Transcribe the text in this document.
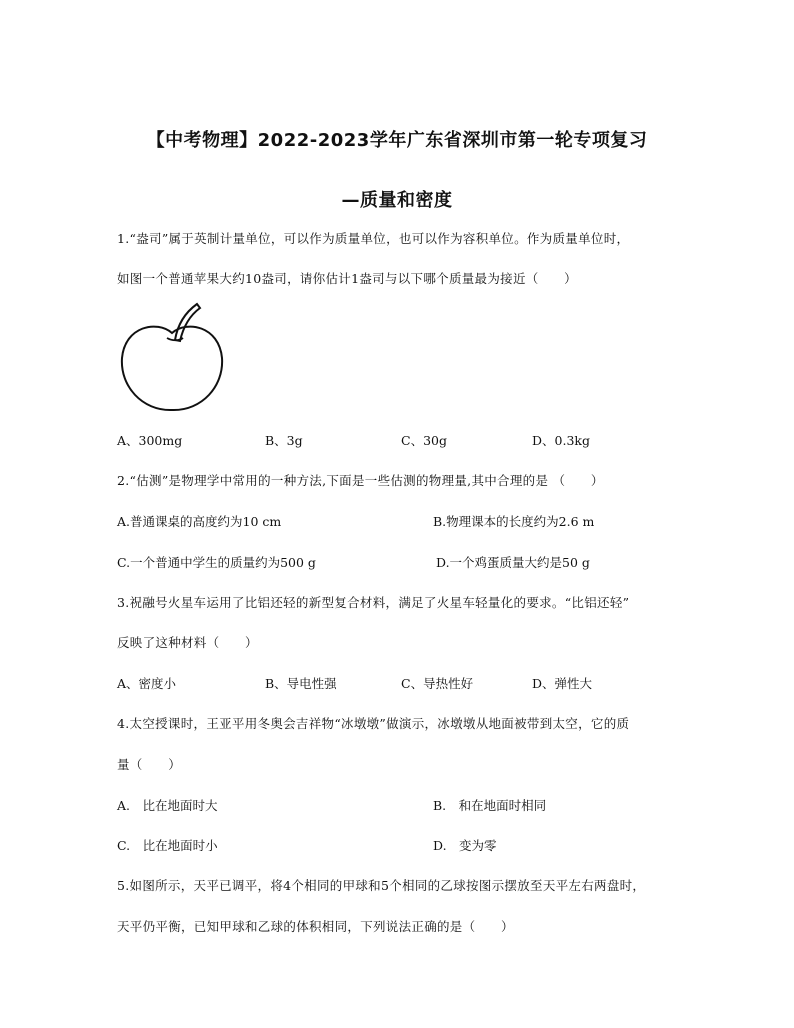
【中考物理】2022-2023学年广东省深圳市第一轮专项复习
—质量和密度
1.“盎司”属于英制计量单位，可以作为质量单位，也可以作为容积单位。作为质量单位时，
如图一个普通苹果大约10盎司，请你估计1盎司与以下哪个质量最为接近（　　）
A、300mg	B、3g	C、30g	D、0.3kg
2.“估测”是物理学中常用的一种方法,下面是一些估测的物理量,其中合理的是 （　　）
A.普通课桌的高度约为10 cm	B.物理课本的长度约为2.6 m
C.一个普通中学生的质量约为500 g	D.一个鸡蛋质量大约是50 g
3.祝融号火星车运用了比铝还轻的新型复合材料，满足了火星车轻量化的要求。“比铝还轻”
反映了这种材料（　　）
A、密度小	B、导电性强	C、导热性好	D、弹性大
4.太空授课时，王亚平用冬奥会吉祥物“冰墩墩”做演示，冰墩墩从地面被带到太空，它的质
量（　　）
A.　比在地面时大	B.　和在地面时相同
C.　比在地面时小	D.　变为零
5.如图所示，天平已调平，将4个相同的甲球和5个相同的乙球按图示摆放至天平左右两盘时，
天平仍平衡，已知甲球和乙球的体积相同，下列说法正确的是（　　）
